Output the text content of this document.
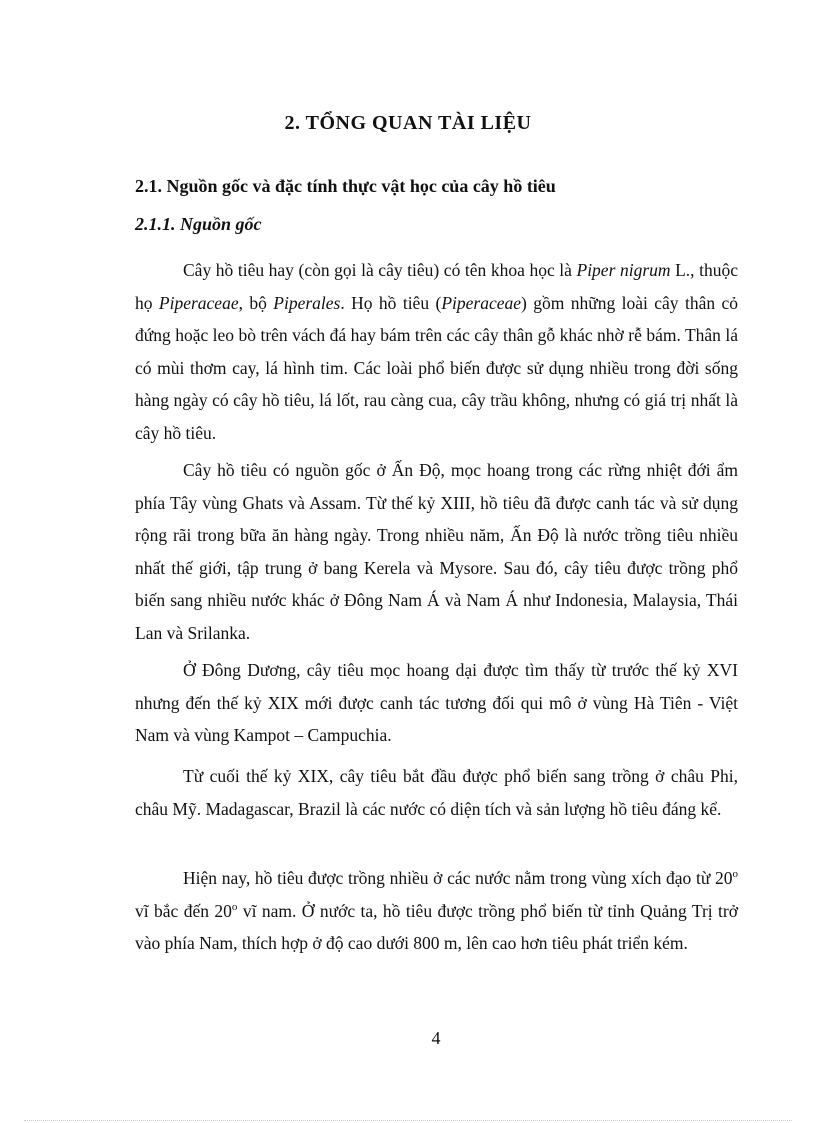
2. TỔNG QUAN TÀI LIỆU
2.1. Nguồn gốc và đặc tính thực vật học của cây hồ tiêu
2.1.1. Nguồn gốc

Cây hồ tiêu hay (còn gọi là cây tiêu) có tên khoa học là Piper nigrum L., thuộc họ Piperaceae, bộ Piperales. Họ hồ tiêu (Piperaceae) gồm những loài cây thân cỏ đứng hoặc leo bò trên vách đá hay bám trên các cây thân gỗ khác nhờ rễ bám. Thân lá có mùi thơm cay, lá hình tim. Các loài phổ biến được sử dụng nhiều trong đời sống hàng ngày có cây hồ tiêu, lá lốt, rau càng cua, cây trầu không, nhưng có giá trị nhất là cây hồ tiêu.

Cây hồ tiêu có nguồn gốc ở Ấn Độ, mọc hoang trong các rừng nhiệt đới ẩm phía Tây vùng Ghats và Assam. Từ thế kỷ XIII, hồ tiêu đã được canh tác và sử dụng rộng rãi trong bữa ăn hàng ngày. Trong nhiều năm, Ấn Độ là nước trồng tiêu nhiều nhất thế giới, tập trung ở bang Kerela và Mysore. Sau đó, cây tiêu được trồng phổ biến sang nhiều nước khác ở Đông Nam Á và Nam Á như Indonesia, Malaysia, Thái Lan và Srilanka.

Ở Đông Dương, cây tiêu mọc hoang dại được tìm thấy từ trước thế kỷ XVI nhưng đến thế kỷ XIX mới được canh tác tương đối qui mô ở vùng Hà Tiên - Việt Nam và vùng Kampot – Campuchia.

Từ cuối thế kỷ XIX, cây tiêu bắt đầu được phổ biến sang trồng ở châu Phi, châu Mỹ. Madagascar, Brazil là các nước có diện tích và sản lượng hồ tiêu đáng kể.

Hiện nay, hồ tiêu được trồng nhiều ở các nước nằm trong vùng xích đạo từ 20$^o$ vĩ bắc đến 20$^o$ vĩ nam. Ở nước ta, hồ tiêu được trồng phổ biến từ tỉnh Quảng Trị trở vào phía Nam, thích hợp ở độ cao dưới 800 m, lên cao hơn tiêu phát triển kém.

4
